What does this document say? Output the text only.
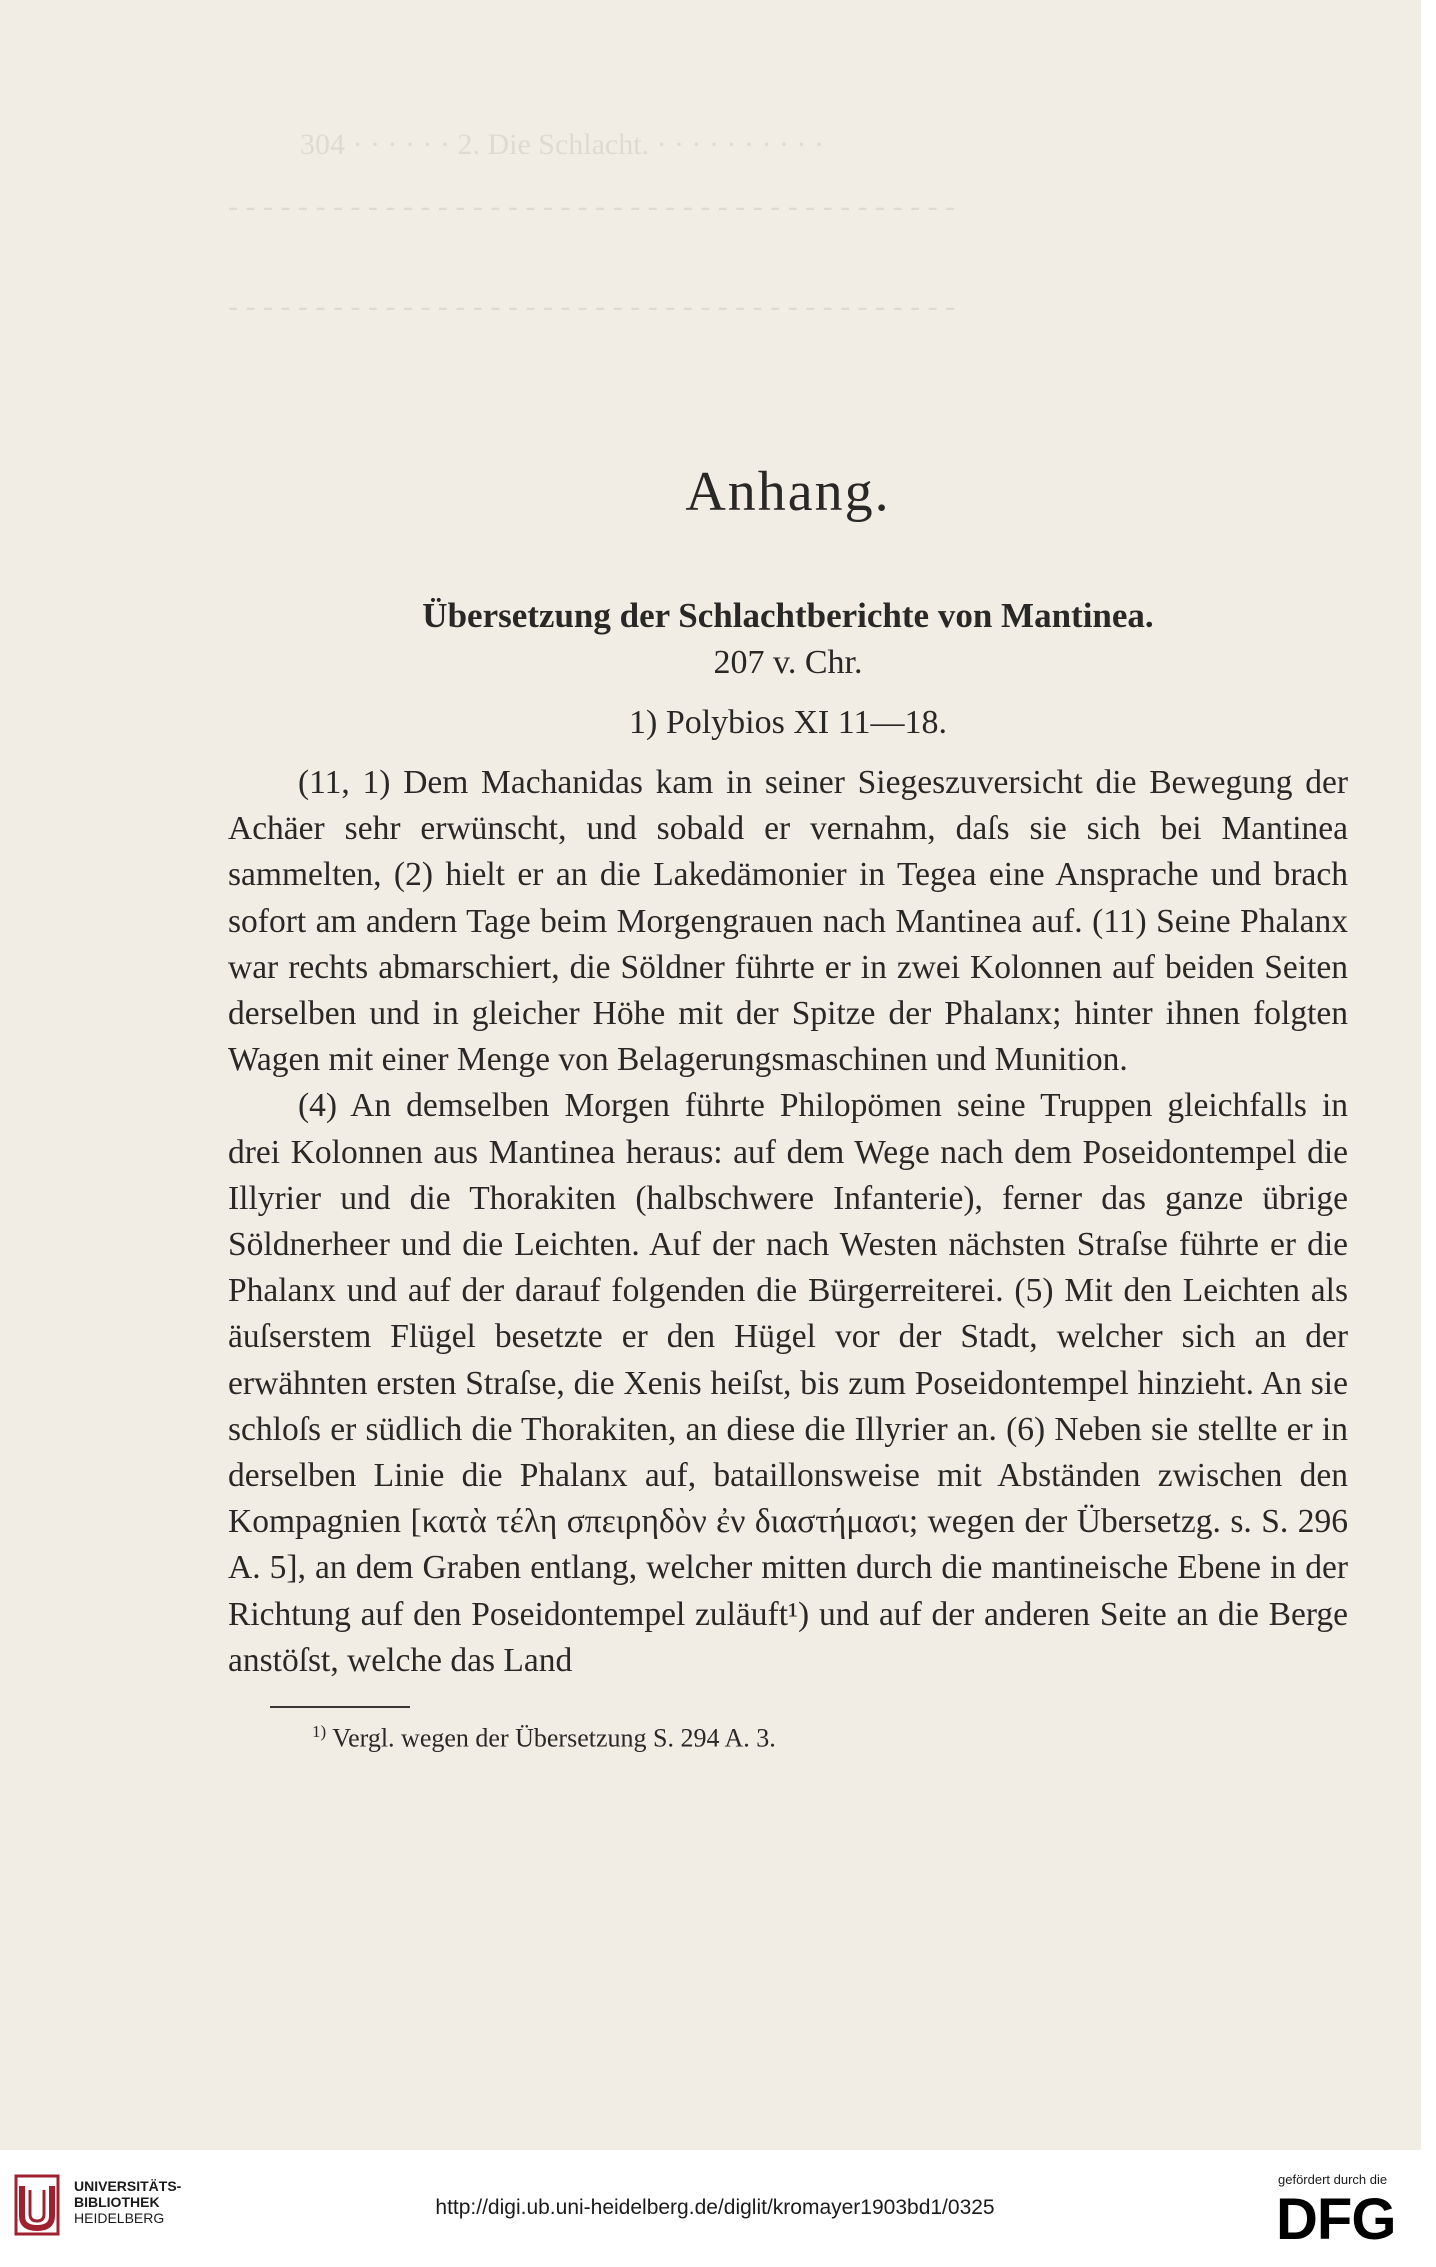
304 · · · · · · 2. Die Schlacht. · · · · · · · · · ·
- - - - - - - - - - - - - - - - - - - - - - - - - - - - - - - - - - - - - - - - - -
- - - - - - - - - - - - - - - - - - - - - - - - - - - - - - - - - - - - - - - - - -
Anhang.
Übersetzung der Schlachtberichte von Mantinea.
207 v. Chr.
1) Polybios XI 11—18.

(11, 1) Dem Machanidas kam in seiner Siegeszuversicht die Bewegung der Achäer sehr erwünscht, und sobald er vernahm, daſs sie sich bei Mantinea sammelten, (2) hielt er an die Lakedämonier in Tegea eine Ansprache und brach sofort am andern Tage beim Morgengrauen nach Mantinea auf. (11) Seine Phalanx war rechts abmarschiert, die Söldner führte er in zwei Kolonnen auf beiden Seiten derselben und in gleicher Höhe mit der Spitze der Phalanx; hinter ihnen folgten Wagen mit einer Menge von Belagerungsmaschinen und Munition.

(4) An demselben Morgen führte Philopömen seine Truppen gleichfalls in drei Kolonnen aus Mantinea heraus: auf dem Wege nach dem Poseidontempel die Illyrier und die Thorakiten (halbschwere Infanterie), ferner das ganze übrige Söldnerheer und die Leichten. Auf der nach Westen nächsten Straſse führte er die Phalanx und auf der darauf folgenden die Bürgerreiterei. (5) Mit den Leichten als äuſserstem Flügel besetzte er den Hügel vor der Stadt, welcher sich an der erwähnten ersten Straſse, die Xenis heiſst, bis zum Poseidontempel hinzieht. An sie schloſs er südlich die Thorakiten, an diese die Illyrier an. (6) Neben sie stellte er in derselben Linie die Phalanx auf, bataillonsweise mit Abständen zwischen den Kompagnien [κατὰ τέλη σπειρηδὸν ἐν διαστήμασι; wegen der Übersetzg. s. S. 296 A. 5], an dem Graben entlang, welcher mitten durch die mantineische Ebene in der Richtung auf den Poseidontempel zuläuft¹) und auf der anderen Seite an die Berge anstöſst, welche das Land

$^{1)}$ Vergl. wegen der Übersetzung S. 294 A. 3.
UNIVERSITÄTS-
BIBLIOTHEK
HEIDELBERG	http://digi.ub.uni-heidelberg.de/diglit/kromayer1903bd1/0325
gefördert durch die
DFG
